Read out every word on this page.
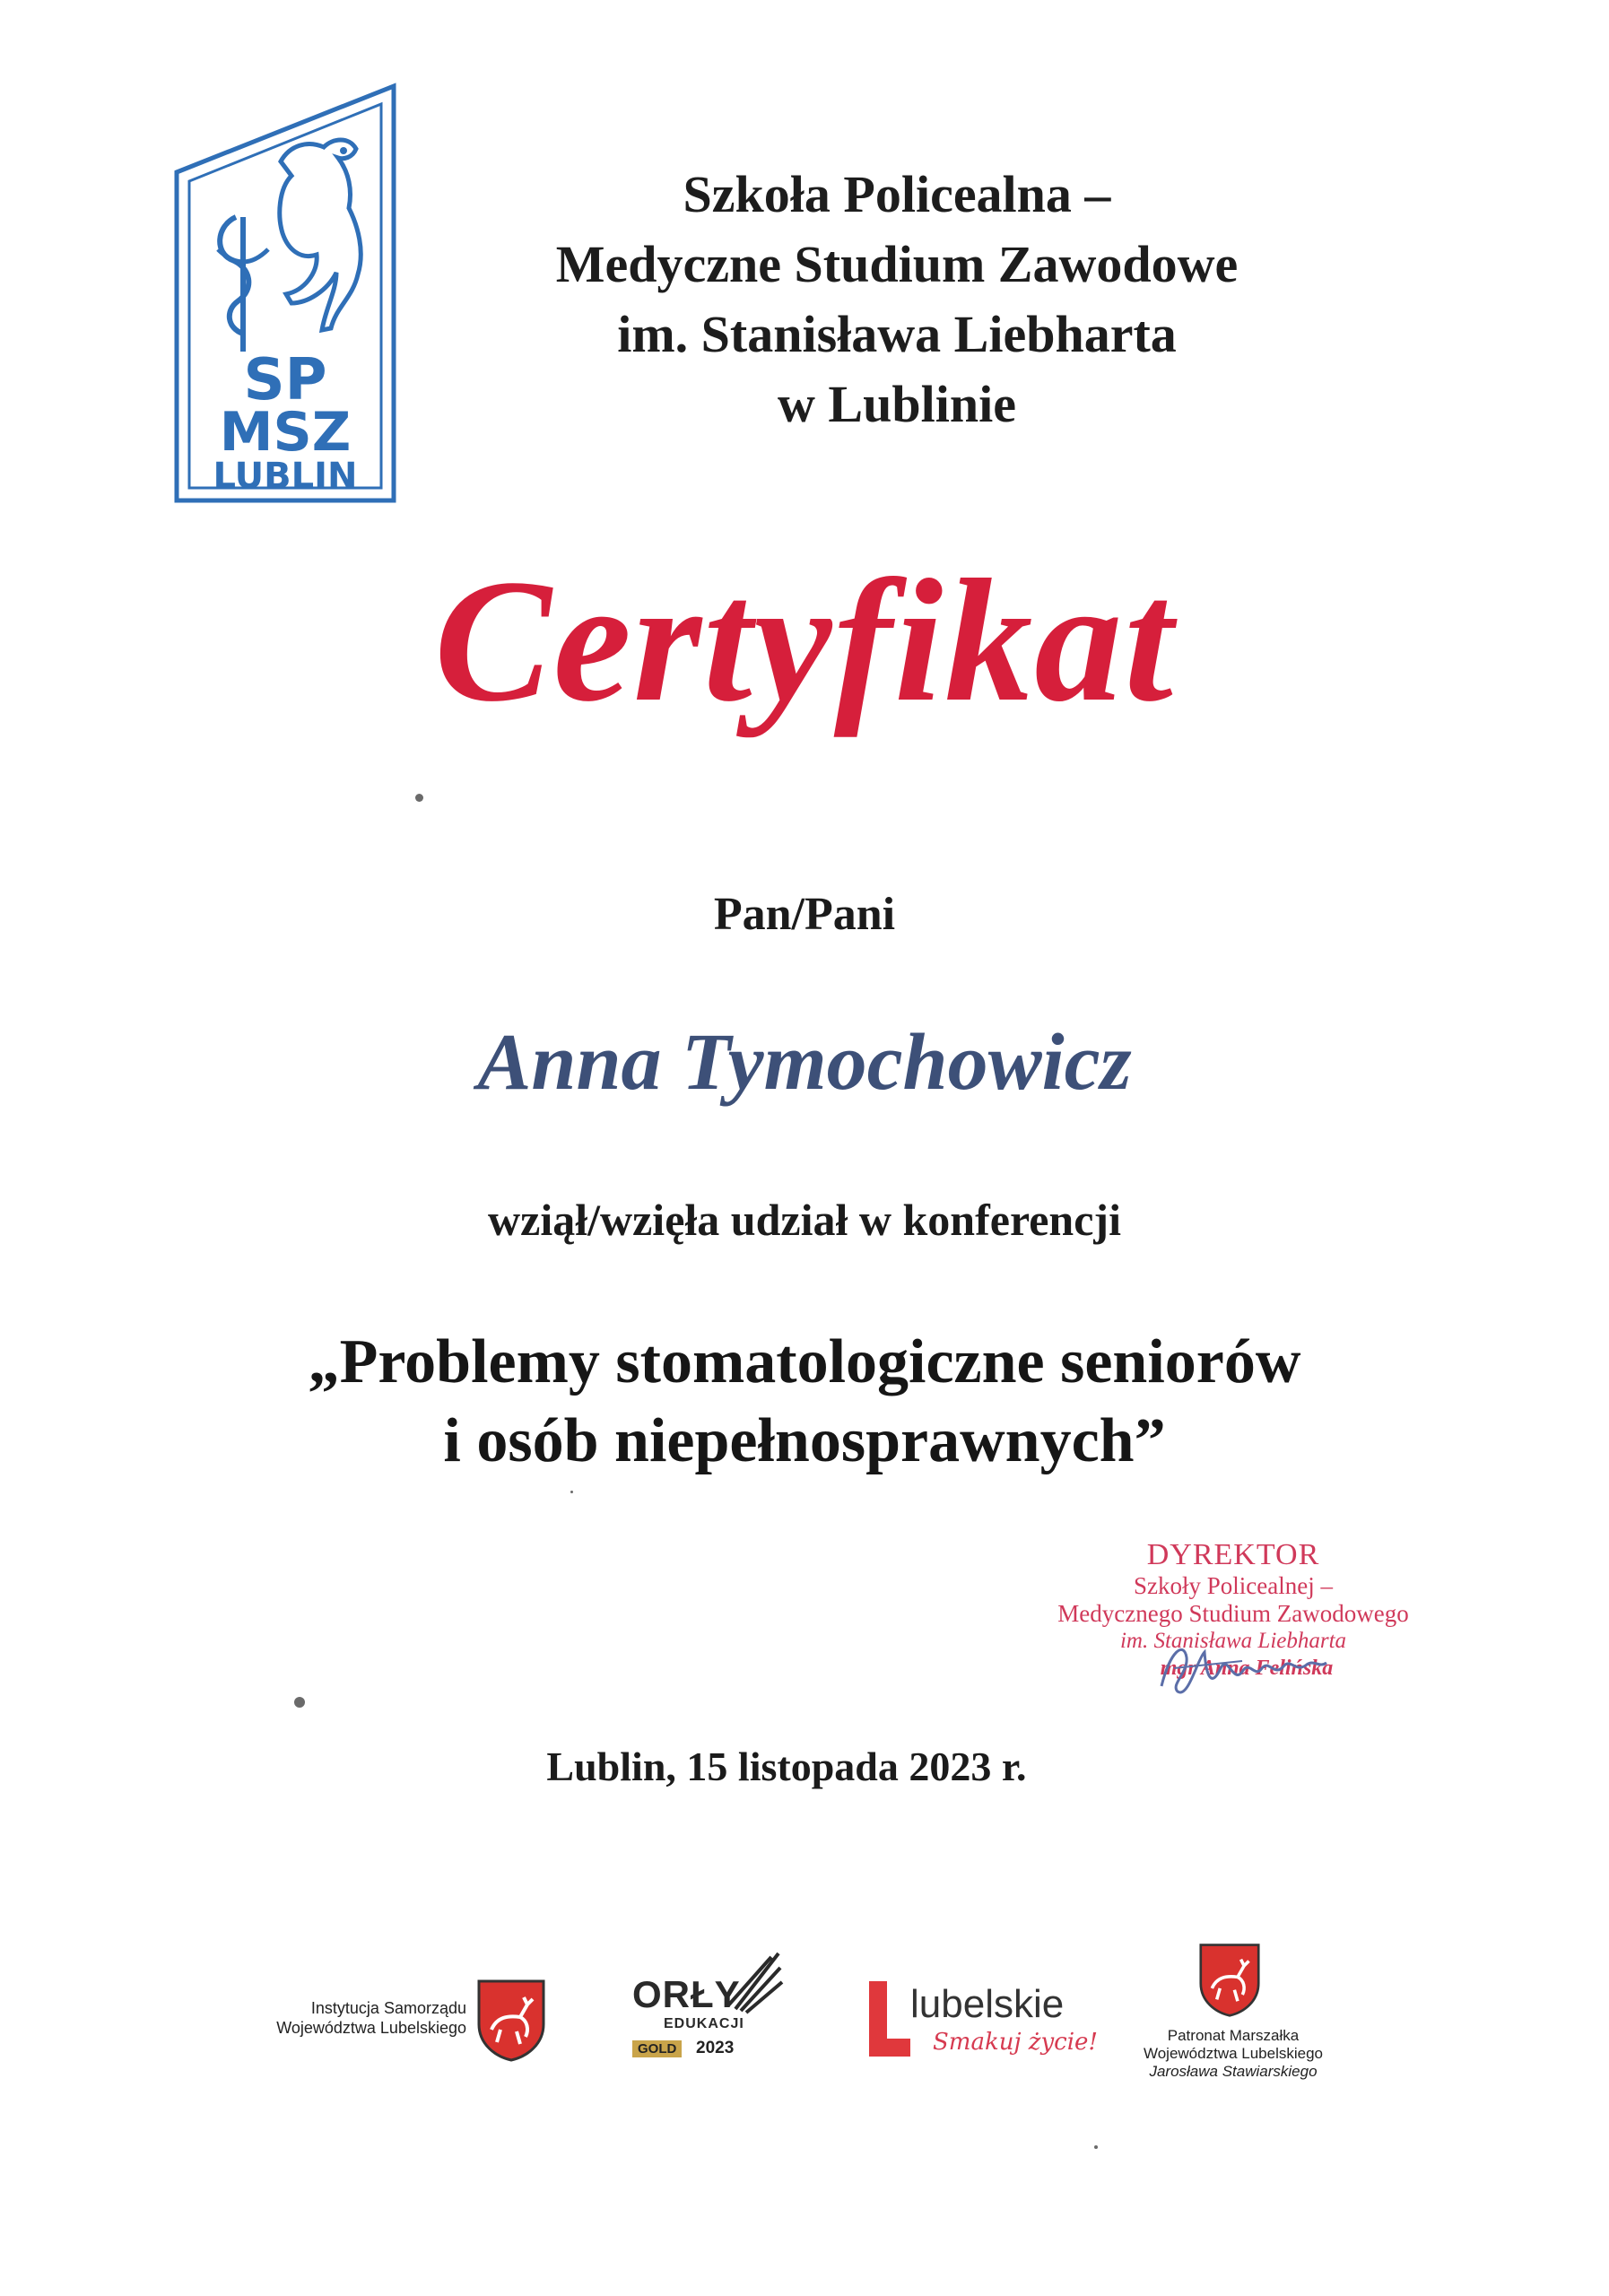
SP
MSZ
LUBLIN
Szkoła Policealna –
Medyczne Studium Zawodowe
im. Stanisława Liebharta
w Lublinie
Certyfikat
Pan/Pani
Anna Tymochowicz
wziął/wzięła udział w konferencji
„Problemy stomatologiczne seniorów
i osób niepełnosprawnych”
DYREKTOR
Szkoły Policealnej –
Medycznego Studium Zawodowego
im. Stanisława Liebharta
mgr Anna Felińska
Lublin, 15 listopada 2023 r.
Instytucja Samorządu
Województwa Lubelskiego
ORŁY
EDUKACJI
GOLD	2023
lubelskie
Smakuj życie!	Patronat Marszałka
Województwa Lubelskiego
Jarosława Stawiarskiego
